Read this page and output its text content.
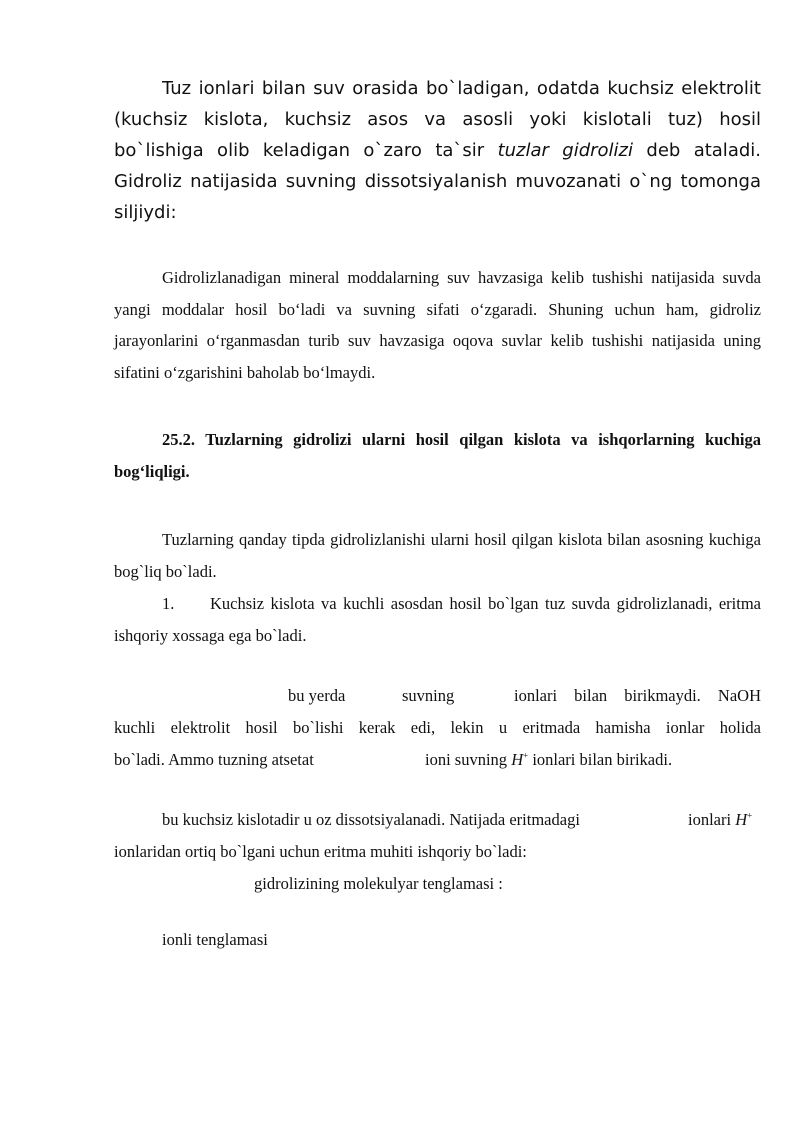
Tuz ionlari bilan suv orasida bo`ladigan, odatda kuchsiz elektrolit (kuchsiz kislota, kuchsiz asos va asosli yoki kislotali tuz) hosil bo`lishiga olib keladigan o`zaro ta`sir tuzlar gidrolizi deb ataladi. Gidroliz natijasida suvning dissotsiyalanish muvozanati o`ng tomonga siljiydi:

Gidrolizlanadigan mineral moddalarning suv havzasiga kelib tushishi natijasida suvda yangi moddalar hosil bo‘ladi va suvning sifati o‘zgaradi. Shuning uchun ham, gidroliz jarayonlarini o‘rganmasdan turib suv havzasiga oqova suvlar kelib tushishi natijasida uning sifatini o‘zgarishini baholab bo‘lmaydi.

25.2. Tuzlarning gidrolizi ularni hosil qilgan kislota va ishqorlarning kuchiga bog‘liqligi.

Tuzlarning qanday tipda gidrolizlanishi ularni hosil qilgan kislota bilan asosning kuchiga bog`liq bo`ladi.

1.	Kuchsiz kislota va kuchli asosdan hosil bo`lgan tuz suvda gidrolizlanadi, eritma ishqoriy xossaga ega bo`ladi.

bu yerda	suvning	ionlari bilan birikmaydi. NaOH

kuchli elektrolit hosil bo`lishi kerak edi, lekin u eritmada hamisha ionlar holida

bo`ladi. Ammo tuzning atsetat	ioni suvning H+ ionlari bilan birikadi.
bu kuchsiz kislotadir u oz dissotsiyalanadi. Natijada eritmadagi	ionlari H+
ionlaridan ortiq bo`lgani uchun eritma muhiti ishqoriy bo`ladi:
gidrolizining molekulyar tenglamasi :
ionli tenglamasi
